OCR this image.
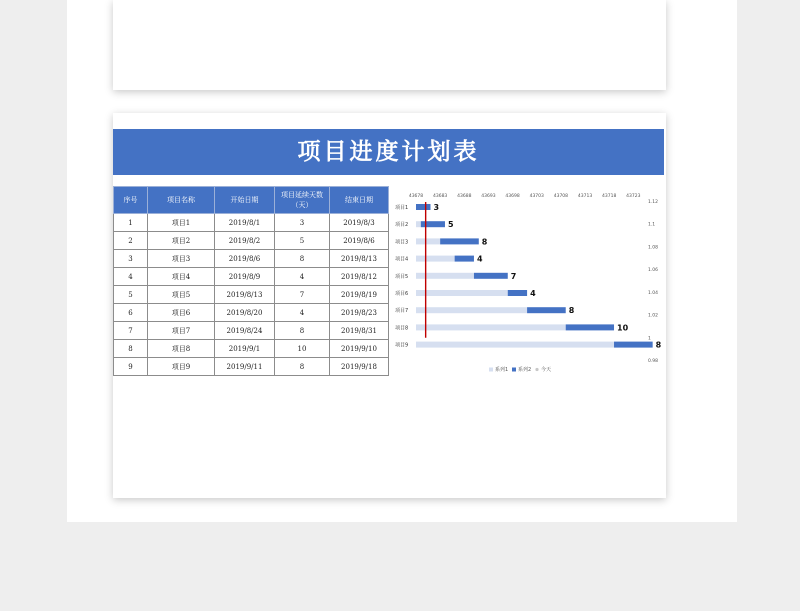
项目进度计划表
序号	项目名称	开始日期	项目延续天数（天）	结束日期
1	项目1	2019/8/1	3	2019/8/3
2	项目2	2019/8/2	5	2019/8/6
3	项目3	2019/8/6	8	2019/8/13
4	项目4	2019/8/9	4	2019/8/12
5	项目5	2019/8/13	7	2019/8/19
6	项目6	2019/8/20	4	2019/8/23
7	项目7	2019/8/24	8	2019/8/31
8	项目8	2019/9/1	10	2019/9/10
9	项目9	2019/9/11	8	2019/9/18
43678 43683 43688 43693 43698 43703 43708 43713 43718 43723
1.12
1.1
1.08
1.06
1.04
1.02
1
0.98
项目1	3
项目2	5
项目3	8
项目4	4
项目5	7
项目6	4
项目7	8
项目8	10
项目9	8
系列1 系列2 今天
